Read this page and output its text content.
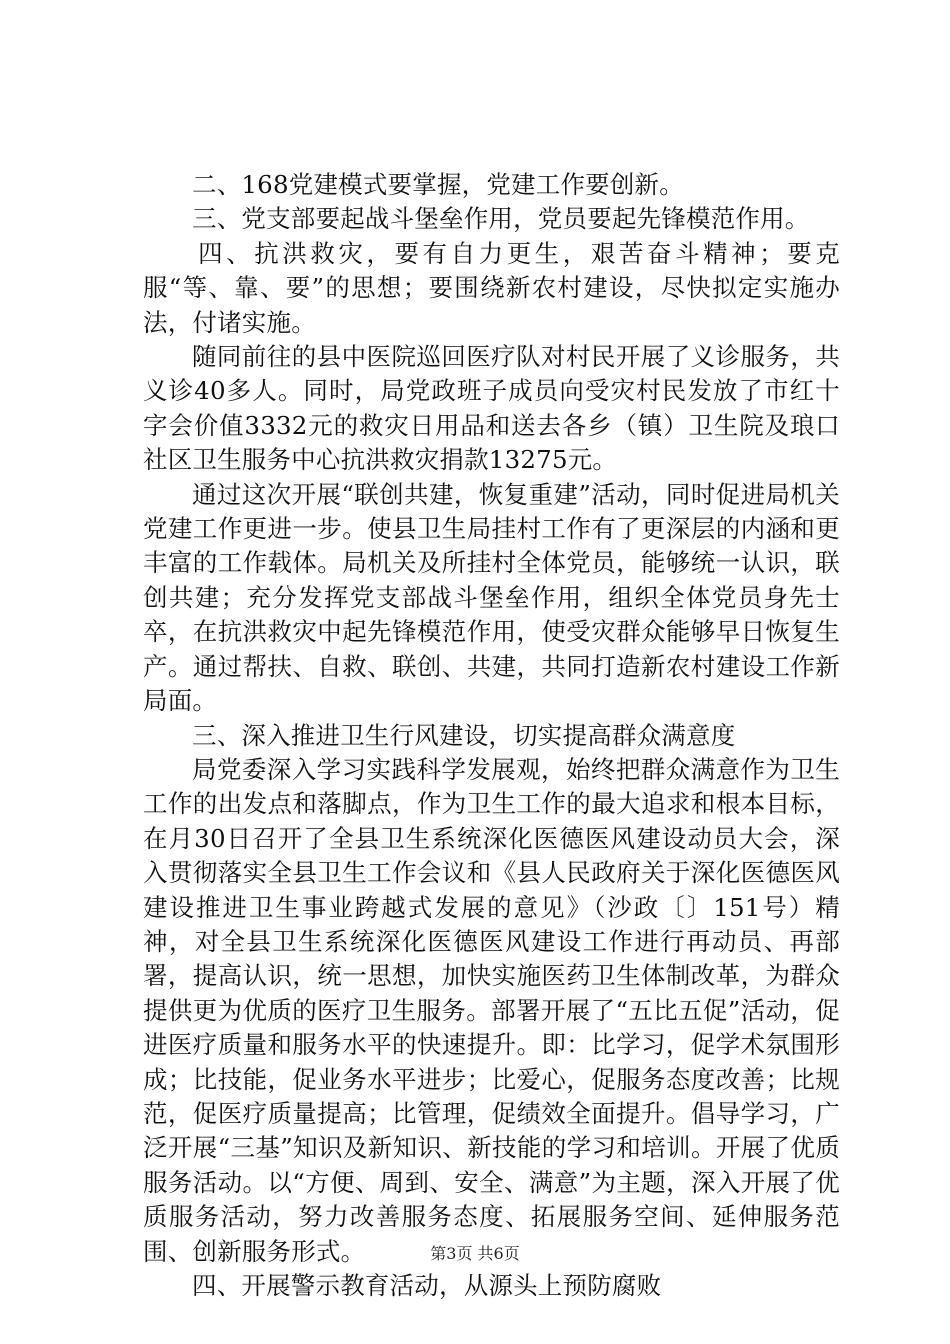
二、168党建模式要掌握，党建工作要创新。

三、党支部要起战斗堡垒作用，党员要起先锋模范作用。

四、抗洪救灾，要有自力更生，艰苦奋斗精神；要克服“等、靠、要”的思想；要围绕新农村建设，尽快拟定实施办法，付诸实施。

随同前往的县中医院巡回医疗队对村民开展了义诊服务，共义诊40多人。同时，局党政班子成员向受灾村民发放了市红十字会价值3332元的救灾日用品和送去各乡（镇）卫生院及琅口社区卫生服务中心抗洪救灾捐款13275元。

通过这次开展“联创共建，恢复重建”活动，同时促进局机关党建工作更进一步。使县卫生局挂村工作有了更深层的内涵和更丰富的工作载体。局机关及所挂村全体党员，能够统一认识，联创共建；充分发挥党支部战斗堡垒作用，组织全体党员身先士卒，在抗洪救灾中起先锋模范作用，使受灾群众能够早日恢复生产。通过帮扶、自救、联创、共建，共同打造新农村建设工作新局面。

三、深入推进卫生行风建设，切实提高群众满意度

局党委深入学习实践科学发展观，始终把群众满意作为卫生工作的出发点和落脚点，作为卫生工作的最大追求和根本目标，在月30日召开了全县卫生系统深化医德医风建设动员大会，深入贯彻落实全县卫生工作会议和《县人民政府关于深化医德医风建设推进卫生事业跨越式发展的意见》（沙政〔〕151号）精神，对全县卫生系统深化医德医风建设工作进行再动员、再部署，提高认识，统一思想，加快实施医药卫生体制改革，为群众提供更为优质的医疗卫生服务。部署开展了“五比五促”活动，促进医疗质量和服务水平的快速提升。即：比学习，促学术氛围形成；比技能，促业务水平进步；比爱心，促服务态度改善；比规范，促医疗质量提高；比管理，促绩效全面提升。倡导学习，广泛开展“三基”知识及新知识、新技能的学习和培训。开展了优质服务活动。以“方便、周到、安全、满意”为主题，深入开展了优质服务活动，努力改善服务态度、拓展服务空间、延伸服务范围、创新服务形式。

四、开展警示教育活动，从源头上预防腐败

第3页 共6页
